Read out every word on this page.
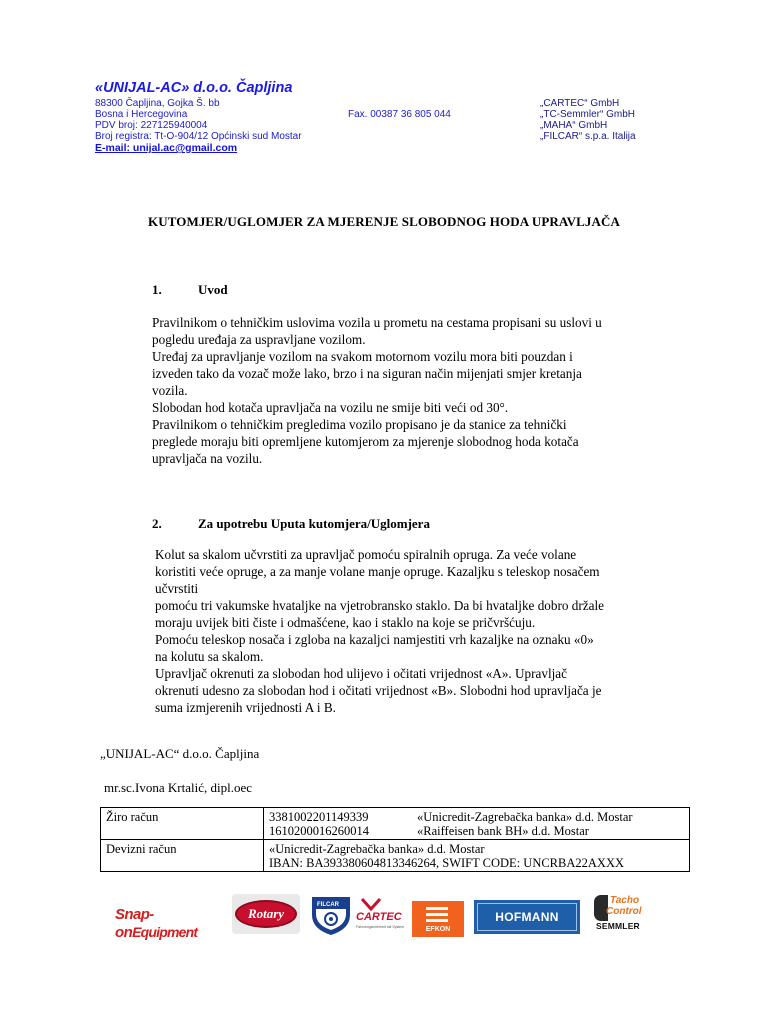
«UNIJAL-AC» d.o.o. Čapljina
88300 Čapljina, Gojka Š. bb
Bosna i Hercegovina
PDV broj: 227125940004
Broj registra: Tt-O-904/12 Općinski sud Mostar
Fax. 00387 36 805 044
E-mail: unijal.ac@gmail.com
„CARTEC“ GmbH
„TC-Semmler“ GmbH
„MAHA“ GmbH
„FILCAR“ s.p.a. Italija
KUTOMJER/UGLOMJER ZA MJERENJE SLOBODNOG HODA UPRAVLJAČA
1.	Uvod
Pravilnikom o tehničkim uslovima vozila u prometu na cestama propisani su uslovi u
pogledu uređaja za uspravljane vozilom.
Uređaj za upravljanje vozilom na svakom motornom vozilu mora biti pouzdan i
izveden tako da vozač može lako, brzo i na siguran način mijenjati smjer kretanja
vozila.
Slobodan hod kotača upravljača na vozilu ne smije biti veći od 30°.
Pravilnikom o tehničkim pregledima vozilo propisano je da stanice za tehnički
preglede moraju biti opremljene kutomjerom za mjerenje slobodnog hoda kotača
upravljača na vozilu.
2.	Za upotrebu Uputa kutomjera/Uglomjera
Kolut sa skalom učvrstiti za upravljač pomoću spiralnih opruga. Za veće volane
koristiti veće opruge, a za manje volane manje opruge. Kazaljku s teleskop nosačem
učvrstiti
pomoću tri vakumske hvataljke na vjetrobransko staklo. Da bi hvataljke dobro držale
moraju uvijek biti čiste i odmašćene, kao i staklo na koje se pričvršćuju.
Pomoću teleskop nosača i zgloba na kazaljci namjestiti vrh kazaljke na oznaku «0»
na kolutu sa skalom.
Upravljač okrenuti za slobodan hod ulijevo i očitati vrijednost «A». Upravljač
okrenuti udesno za slobodan hod i očitati vrijednost «B». Slobodni hod upravljača je
suma izmjerenih vrijednosti A i B.
„UNIJAL-AC“ d.o.o. Čapljina
mr.sc.Ivona Krtalić, dipl.oec
Žiro račun	3381002201149339 «Unicredit-Zagrebačka banka» d.d. Mostar
1610200016260014 «Raiffeisen bank BH» d.d. Mostar

Devizni račun	«Unicredit-Zagrebačka banka» d.d. Mostar
IBAN: BA393380604813346264, SWIFT CODE: UNCRBA22AXXX
Snap-onEquipment
Rotary
FILCAR
CARTEC
Fahrzeugsicherheit mit System	EFKON
HOFMANN
Tacho
Control
SEMMLER
